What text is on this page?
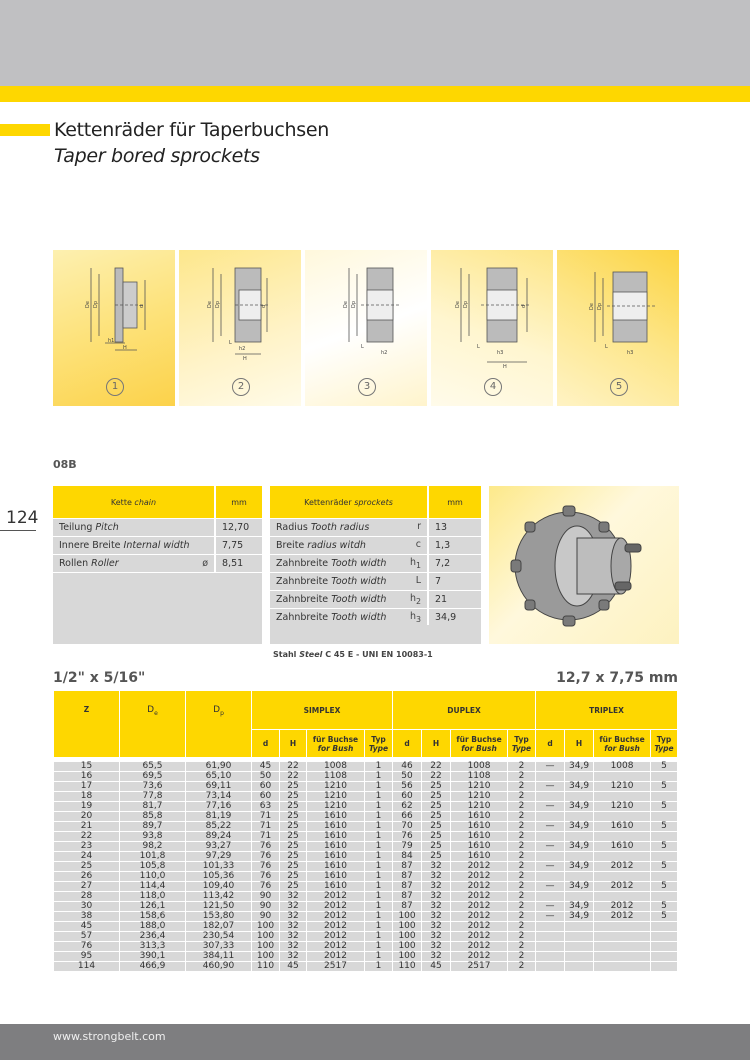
Kettenräder für Taperbuchsen
Taper bored sprockets
De Dp	d
h1
H
1
De Dp	d
L
h2
H
2
De Dp
L
h2
3
De Dp	d
L
h3
H
4
De Dp
L
h3
5
124
08B
Kette chain		mm
Teilung Pitch		12,70
Innere Breite Internal width		7,75
Rollen Roller	ø	8,51
Kettenräder sprockets		mm
Radius Tooth radius	r	13
Breite radius witdh	c	1,3
Zahnbreite Tooth width	$h_1$	7,2
Zahnbreite Tooth width	L	7
Zahnbreite Tooth width	$h_2$	21
Zahnbreite Tooth width	$h_3$	34,9
Stahl Steel C 45 E - UNI EN 10083-1
1/2" x 5/16"	12,7 x 7,75 mm
Z	$D_e$	$D_p$	SIMPLEX				DUPLEX				TRIPLEX			
			d	H	für Buchse
for Bush	Typ
Type	d	H	für Buchse
for Bush	Typ
Type	d	H	für Buchse
for Bush	Typ
Type
15	65,5	61,90	45	22	1008	1	46	22	1008	2	—	34,9	1008	5
16	69,5	65,10	50	22	1108	1	50	22	1108	2				
17	73,6	69,11	60	25	1210	1	56	25	1210	2	—	34,9	1210	5
18	77,8	73,14	60	25	1210	1	60	25	1210	2				
19	81,7	77,16	63	25	1210	1	62	25	1210	2	—	34,9	1210	5
20	85,8	81,19	71	25	1610	1	66	25	1610	2				
21	89,7	85,22	71	25	1610	1	70	25	1610	2	—	34,9	1610	5
22	93,8	89,24	71	25	1610	1	76	25	1610	2				
23	98,2	93,27	76	25	1610	1	79	25	1610	2	—	34,9	1610	5
24	101,8	97,29	76	25	1610	1	84	25	1610	2				
25	105,8	101,33	76	25	1610	1	87	32	2012	2	—	34,9	2012	5
26	110,0	105,36	76	25	1610	1	87	32	2012	2				
27	114,4	109,40	76	25	1610	1	87	32	2012	2	—	34,9	2012	5
28	118,0	113,42	90	32	2012	1	87	32	2012	2				
30	126,1	121,50	90	32	2012	1	87	32	2012	2	—	34,9	2012	5
38	158,6	153,80	90	32	2012	1	100	32	2012	2	—	34,9	2012	5
45	188,0	182,07	100	32	2012	1	100	32	2012	2				
57	236,4	230,54	100	32	2012	1	100	32	2012	2				
76	313,3	307,33	100	32	2012	1	100	32	2012	2				
95	390,1	384,11	100	32	2012	1	100	32	2012	2				
114	466,9	460,90	110	45	2517	1	110	45	2517	2				
www.strongbelt.com
